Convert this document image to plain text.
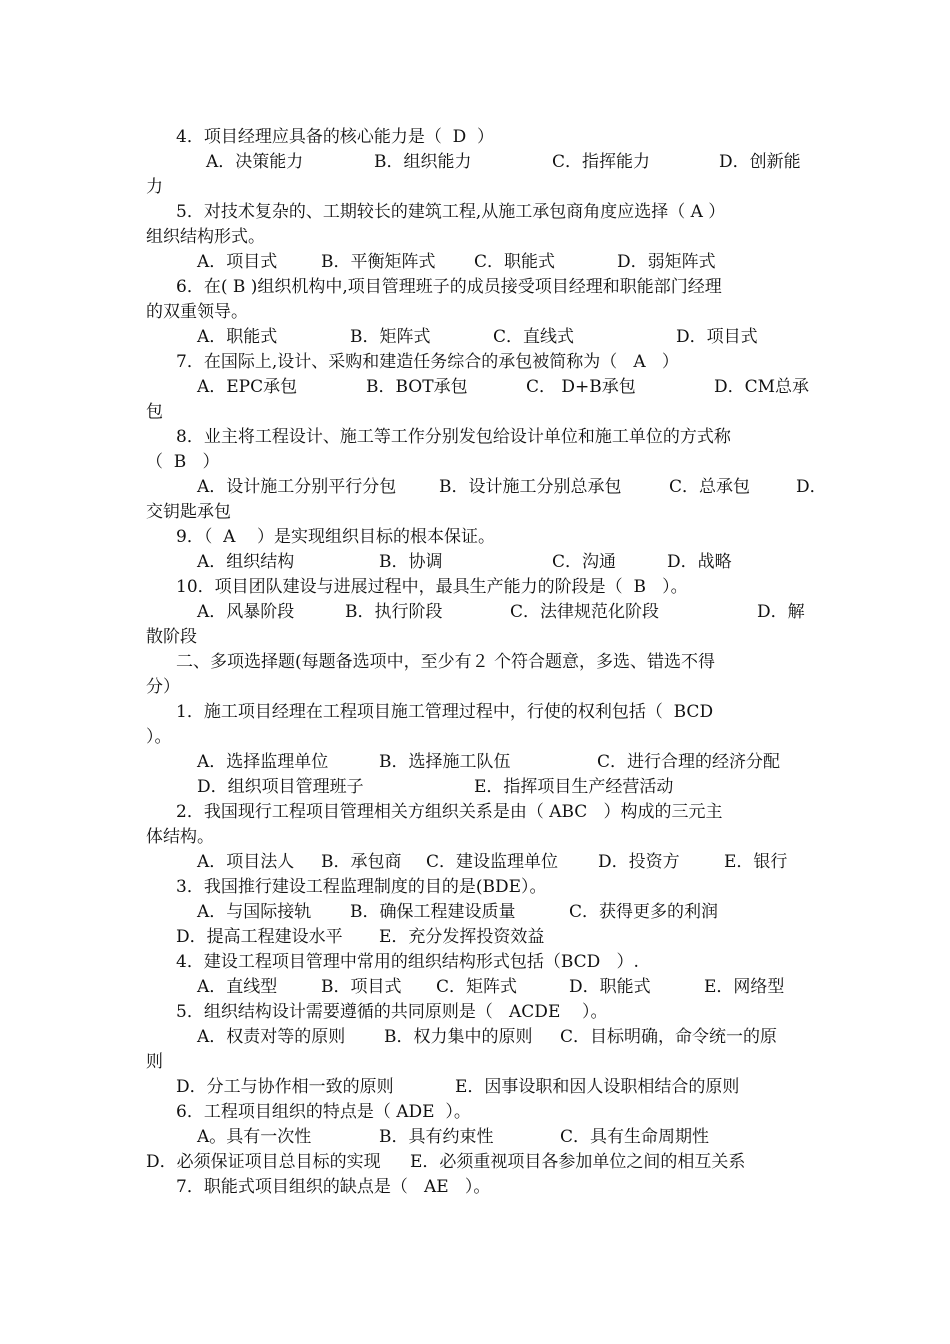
4．项目经理应具备的核心能力是（  D  ）
A．决策能力	B．组织能力	C．指挥能力	D．创新能
力
5．对技术复杂的、工期较长的建筑工程,从施工承包商角度应选择（ A ）
组织结构形式。
A．项目式	B．平衡矩阵式 C．职能式	D．弱矩阵式
6．在( B )组织机构中,项目管理班子的成员接受项目经理和职能部门经理
的双重领导。
A．职能式	B．矩阵式	C．直线式	D．项目式
7．在国际上,设计、采购和建造任务综合的承包被简称为（   A   ）
A．EPC承包	B．BOT承包	C． D+B承包	D．CM总承
包
8．业主将工程设计、施工等工作分别发包给设计单位和施工单位的方式称
（  B   ）
A．设计施工分别平行分包	B．设计施工分别总承包	C．总承包	D．
交钥匙承包
9．（  A    ）是实现组织目标的根本保证。
A．组织结构	B．协调	C．沟通	D．战略
10．项目团队建设与进展过程中，最具生产能力的阶段是（  B   ）。
A．风暴阶段	B．执行阶段	C．法律规范化阶段	D．解
散阶段
二、多项选择题(每题备选项中，至少有２ 个符合题意，多选、错选不得
分）
1．施工项目经理在工程项目施工管理过程中，行使的权利包括（  BCD
）。
A．选择监理单位	B．选择施工队伍	C．进行合理的经济分配
D．组织项目管理班子	E．指挥项目生产经营活动
2．我国现行工程项目管理相关方组织关系是由（ ABC   ）构成的三元主
体结构。
A．项目法人 B．承包商 C．建设监理单位 D．投资方	E．银行
3．我国推行建设工程监理制度的目的是(BDE）。
A．与国际接轨 B．确保工程建设质量	C．获得更多的利润
D．提高工程建设水平 E．充分发挥投资效益
4．建设工程项目管理中常用的组织结构形式包括（BCD   ）.
A．直线型	B．项目式 C．矩阵式	D．职能式	E．网络型
5．组织结构设计需要遵循的共同原则是（   ACDE    ）。
A．权责对等的原则 B．权力集中的原则 C．目标明确，命令统一的原
则
D．分工与协作相一致的原则	E．因事设职和因人设职相结合的原则
6．工程项目组织的特点是（ ADE  ）。
A。具有一次性	B．具有约束性	C．具有生命周期性
D．必须保证项目总目标的实现 E．必须重视项目各参加单位之间的相互关系
7．职能式项目组织的缺点是（   AE   ）。
